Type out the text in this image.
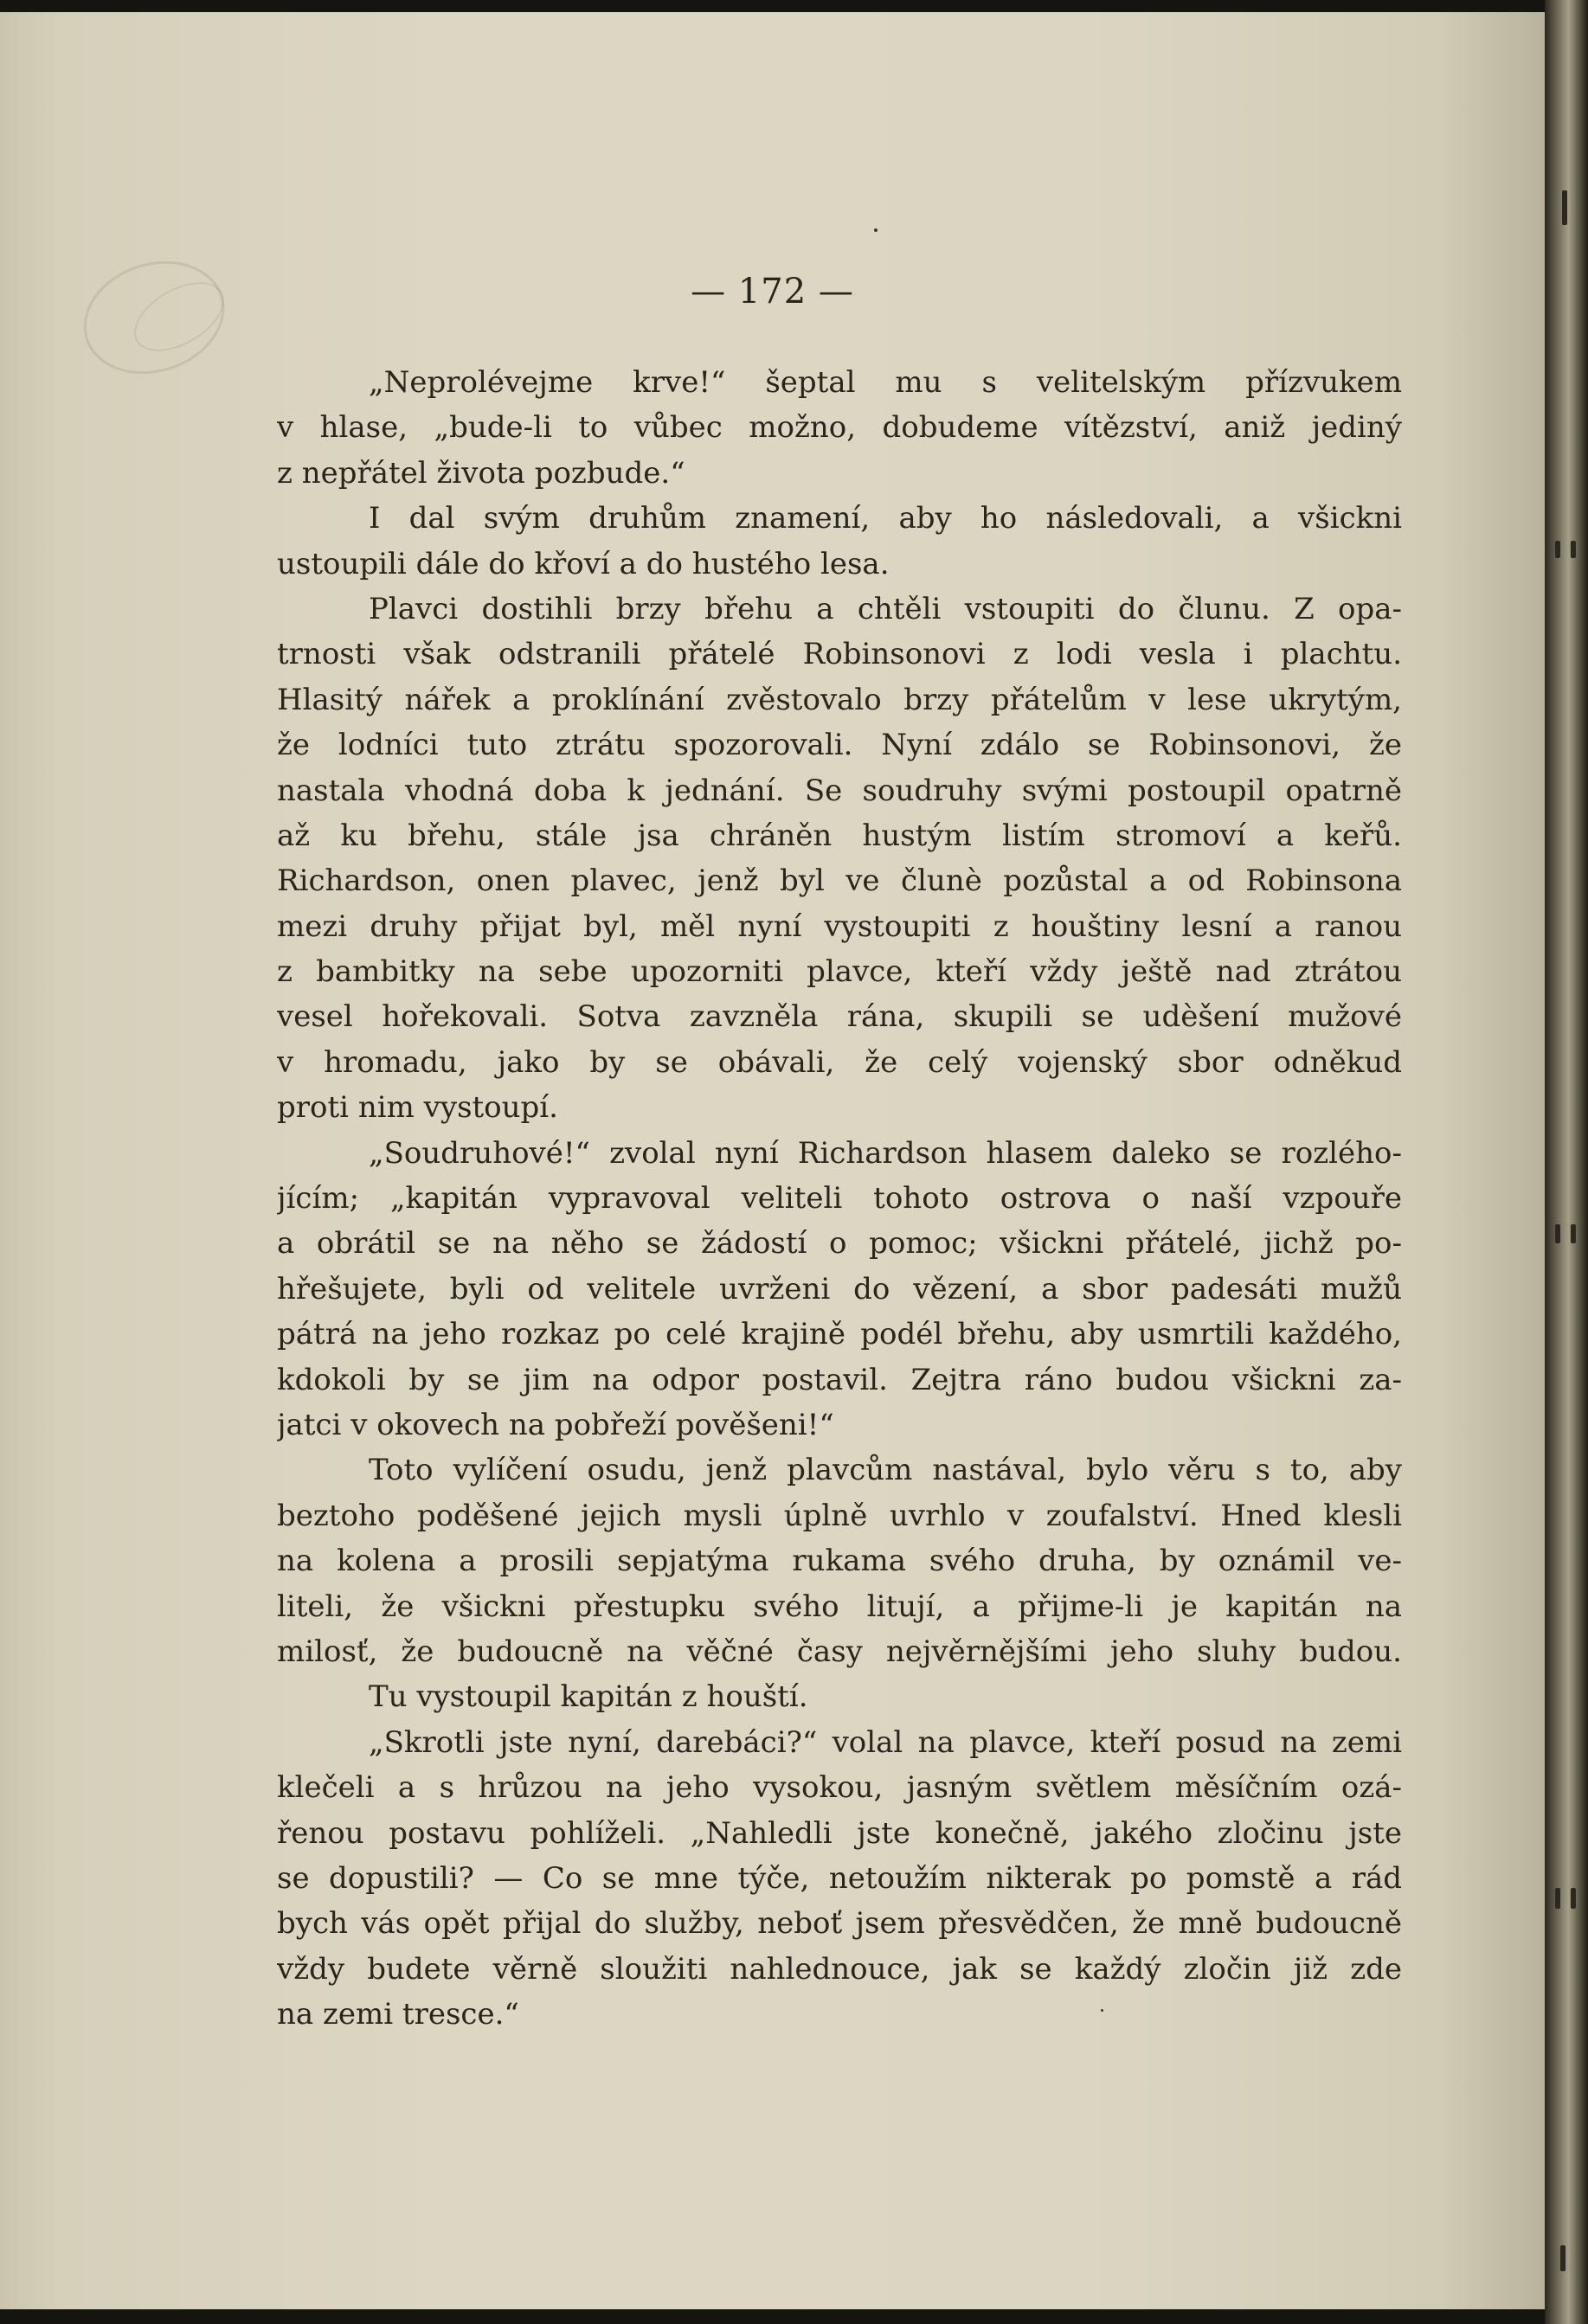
— 172 —
„Neprolévejme krve!“ šeptal mu s velitelským přízvukem
v hlase, „bude-li to vůbec možno, dobudeme vítězství, aniž jediný
z nepřátel života pozbude.“
I dal svým druhům znamení, aby ho následovali, a všickni
ustoupili dále do křoví a do hustého lesa.
Plavci dostihli brzy břehu a chtěli vstoupiti do člunu. Z opa-
trnosti však odstranili přátelé Robinsonovi z lodi vesla i plachtu.
Hlasitý nářek a proklínání zvěstovalo brzy přátelům v lese ukrytým,
že lodníci tuto ztrátu spozorovali. Nyní zdálo se Robinsonovi, že
nastala vhodná doba k jednání. Se soudruhy svými postoupil opatrně
až ku břehu, stále jsa chráněn hustým listím stromoví a keřů.
Richardson, onen plavec, jenž byl ve člunè pozůstal a od Robinsona
mezi druhy přijat byl, měl nyní vystoupiti z houštiny lesní a ranou
z bambitky na sebe upozorniti plavce, kteří vždy ještě nad ztrátou
vesel hořekovali. Sotva zavzněla rána, skupili se udèšení mužové
v hromadu, jako by se obávali, že celý vojenský sbor odněkud
proti nim vystoupí.
„Soudruhové!“ zvolal nyní Richardson hlasem daleko se rozlého-
jícím; „kapitán vypravoval veliteli tohoto ostrova o naší vzpouře
a obrátil se na něho se žádostí o pomoc; všickni přátelé, jichž po-
hřešujete, byli od velitele uvrženi do vězení, a sbor padesáti mužů
pátrá na jeho rozkaz po celé krajině podél břehu, aby usmrtili každého,
kdokoli by se jim na odpor postavil. Zejtra ráno budou všickni za-
jatci v okovech na pobřeží pověšeni!“
Toto vylíčení osudu, jenž plavcům nastával, bylo věru s to, aby
beztoho poděšené jejich mysli úplně uvrhlo v zoufalství. Hned klesli
na kolena a prosili sepjatýma rukama svého druha, by oznámil ve-
liteli, že všickni přestupku svého litují, a přijme-li je kapitán na
milosť, že budoucně na věčné časy nejvěrnějšími jeho sluhy budou.
Tu vystoupil kapitán z houští.
„Skrotli jste nyní, darebáci?“ volal na plavce, kteří posud na zemi
klečeli a s hrůzou na jeho vysokou, jasným světlem měsíčním ozá-
řenou postavu pohlíželi. „Nahledli jste konečně, jakého zločinu jste
se dopustili? — Co se mne týče, netoužím nikterak po pomstě a rád
bych vás opět přijal do služby, neboť jsem přesvědčen, že mně budoucně
vždy budete věrně sloužiti nahlednouce, jak se každý zločin již zde
na zemi tresce.“
